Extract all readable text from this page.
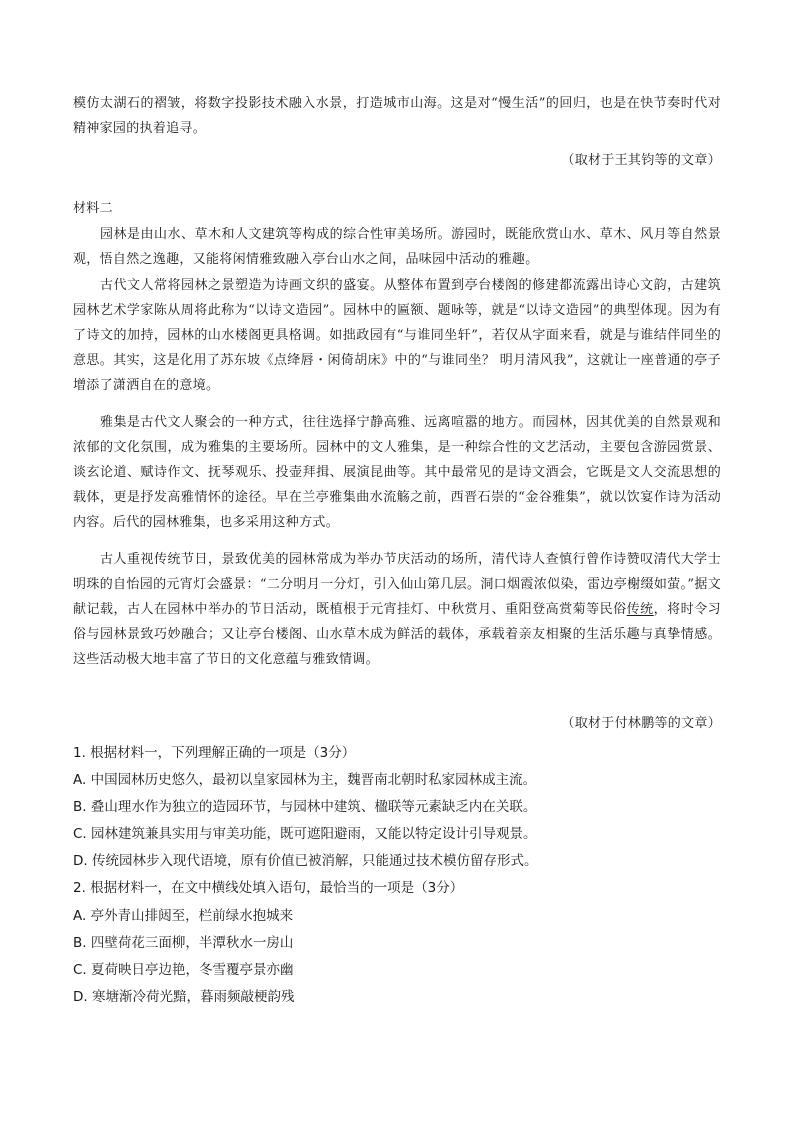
模仿太湖石的褶皱，将数字投影技术融入水景，打造城市山海。这是对“慢生活”的回归，也是在快节奏时代对精神家园的执着追寻。

（取材于王其钧等的文章）

材料二

园林是由山水、草木和人文建筑等构成的综合性审美场所。游园时，既能欣赏山水、草木、风月等自然景观，悟自然之逸趣，又能将闲情雅致融入亭台山水之间，品味园中活动的雅趣。

古代文人常将园林之景塑造为诗画文织的盛宴。从整体布置到亭台楼阁的修建都流露出诗心文韵，古建筑园林艺术学家陈从周将此称为“以诗文造园”。园林中的匾额、题咏等，就是“以诗文造园”的典型体现。因为有了诗文的加持，园林的山水楼阁更具格调。如拙政园有“与谁同坐轩”，若仅从字面来看，就是与谁结伴同坐的意思。其实，这是化用了苏东坡《点绛唇・闲倚胡床》中的“与谁同坐？ 明月清风我”，这就让一座普通的亭子增添了潇洒自在的意境。

雅集是古代文人聚会的一种方式，往往选择宁静高雅、远离喧嚣的地方。而园林，因其优美的自然景观和浓郁的文化氛围，成为雅集的主要场所。园林中的文人雅集，是一种综合性的文艺活动，主要包含游园赏景、谈玄论道、赋诗作文、抚琴观乐、投壶拜揖、展演昆曲等。其中最常见的是诗文酒会，它既是文人交流思想的载体，更是抒发高雅情怀的途径。早在兰亭雅集曲水流觞之前，西晋石崇的“金谷雅集”，就以饮宴作诗为活动内容。后代的园林雅集，也多采用这种方式。

古人重视传统节日，景致优美的园林常成为举办节庆活动的场所，清代诗人查慎行曾作诗赞叹清代大学士明珠的自怡园的元宵灯会盛景：“二分明月一分灯，引入仙山第几层。洞口烟霞浓似染，雷边亭榭缀如萤。”据文献记载，古人在园林中举办的节日活动，既植根于元宵挂灯、中秋赏月、重阳登高赏菊等民俗传统，将时令习俗与园林景致巧妙融合；又让亭台楼阁、山水草木成为鲜活的载体，承载着亲友相聚的生活乐趣与真挚情感。这些活动极大地丰富了节日的文化意蕴与雅致情调。

（取材于付林鹏等的文章）

1. 根据材料一，下列理解正确的一项是（3分）

A. 中国园林历史悠久，最初以皇家园林为主，魏晋南北朝时私家园林成主流。

B. 叠山理水作为独立的造园环节，与园林中建筑、楹联等元素缺乏内在关联。

C. 园林建筑兼具实用与审美功能，既可遮阳避雨，又能以特定设计引导观景。

D. 传统园林步入现代语境，原有价值已被消解，只能通过技术模仿留存形式。

2. 根据材料一，在文中横线处填入语句，最恰当的一项是（3分）

A. 亭外青山排闼至，栏前绿水抱城来

B. 四壁荷花三面柳，半潭秋水一房山

C. 夏荷映日亭边艳，冬雪覆亭景亦幽

D. 寒塘渐冷荷光黯，暮雨频敲梗韵残
